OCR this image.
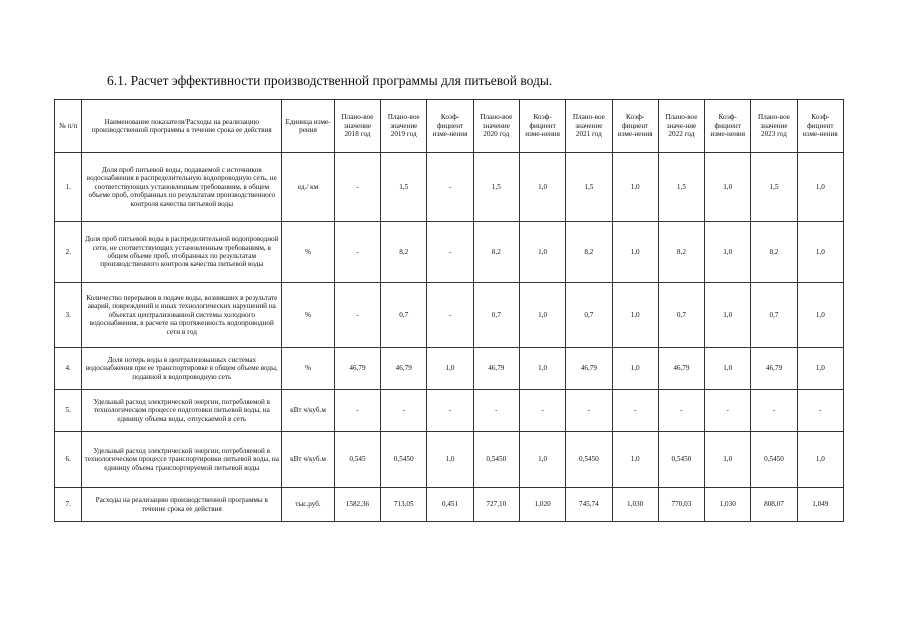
6.1. Расчет эффективности производственной программы для питьевой воды.
№ п/п	Наименование показателя/Расходы на реализацию производственной программы в течение срока ее действия	Единица изме-рения	Плано-вое значение 2018 год	Плано-вое значение 2019 год	Коэф-фициент изме-нения	Плано-вое значение 2020 год	Коэф-фициент изме-нения	Плано-вое значение 2021 год	Коэф-фициент изме-нения	Плано-вое значе-ние 2022 год	Коэф-фициент изме-нения	Плано-вое значение 2023 год	Коэф-фициент изме-нения
1.	Доля проб питьевой воды, подаваемой с источников водоснабжения в распределительную водопроводную сеть, не соответствующих установленным требованиям, в общем объеме проб, отобранных по результатам производственного контроля качества питьевой воды	ед./ км	-	1,5	-	1,5	1,0	1,5	1,0	1,5	1,0	1,5	1,0
2.	Доля проб питьевой воды в распределительной водопроводной сети, не соответствующих установленным требованиям, в общем объеме проб, отобранных по результатам производственного контроля качества питьевой воды	%	-	8,2	-	8,2	1,0	8,2	1,0	8,2	1,0	8,2	1,0
3.	Количество перерывов в подаче воды, возникших в результате аварий, повреждений и иных технологических нарушений на объектах централизованной системы холодного водоснабжения, в расчете на протяженность водопроводной сети в год	%	-	0,7	-	0,7	1,0	0,7	1,0	0,7	1,0	0,7	1,0
4.	Доля потерь воды в централизованных системах водоснабжения при ее транспортировке в общем объеме воды, поданной в водопроводную сеть	%	46,79	46,79	1,0	46,79	1,0	46,79	1,0	46,79	1,0	46,79	1,0
5.	Удельный расход электрической энергии, потребляемой в технологическом процессе подготовки питьевой воды, на единицу объема воды, отпускаемой в сеть	кВт ч/куб.м	-	-	-	-	-	-	-	-	-	-	-
6.	Удельный расход электрической энергии, потребляемой в технологическом процессе транспортировки питьевой воды, на единицу объема транспортируемой питьевой воды	кВт ч/куб.м	0,545	0,5450	1,0	0,5450	1,0	0,5450	1,0	0,5450	1,0	0,5450	1,0
7.	Расходы на реализацию производственной программы в течение срока ее действия	тыс.руб.	1582,36	713,05	0,451	727,10	1,020	745,74	1,030	770,03	1,030	808,07	1,049
